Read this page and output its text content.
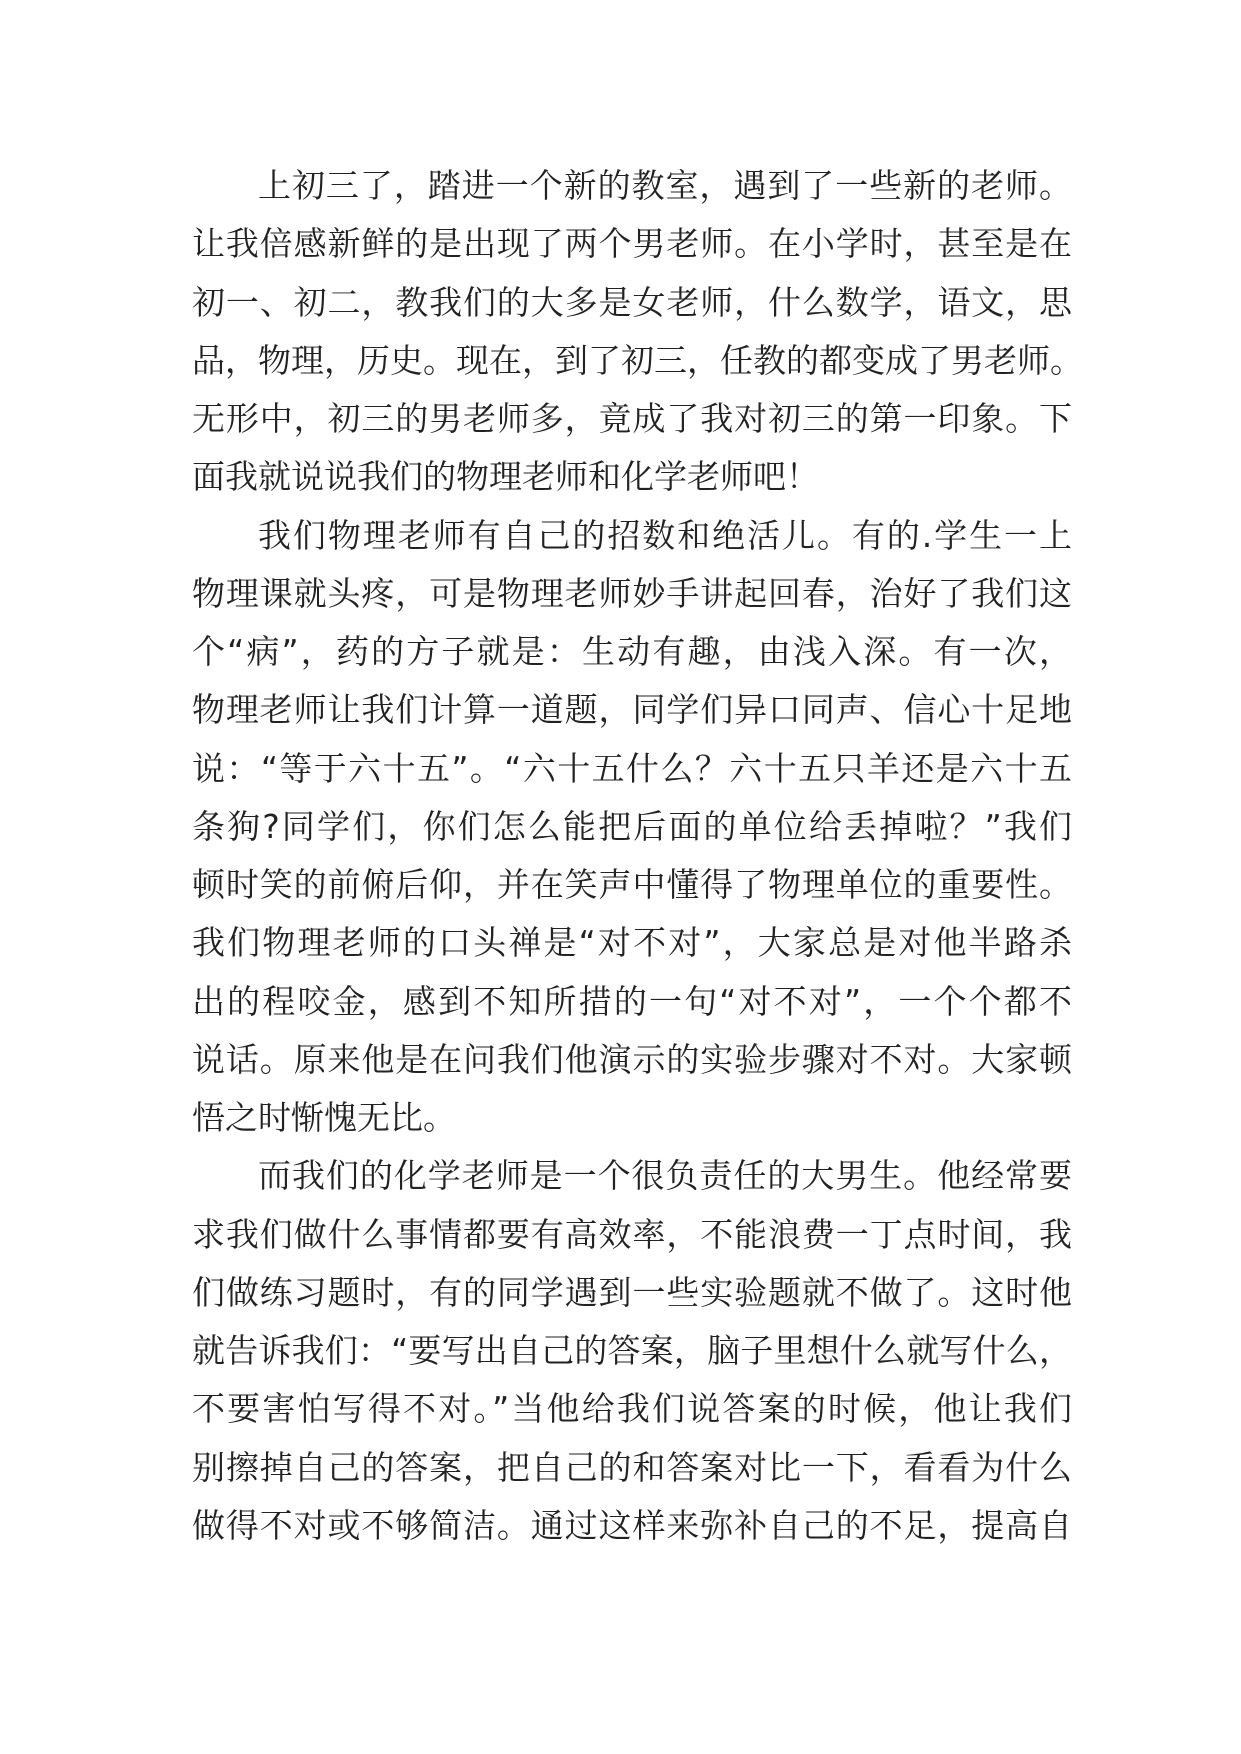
上初三了，踏进一个新的教室，遇到了一些新的老师。
让我倍感新鲜的是出现了两个男老师。在小学时，甚至是在
初一、初二，教我们的大多是女老师，什么数学，语文，思
品，物理，历史。现在，到了初三，任教的都变成了男老师。
无形中，初三的男老师多，竟成了我对初三的第一印象。下
面我就说说我们的物理老师和化学老师吧！
我们物理老师有自己的招数和绝活儿。有的.学生一上
物理课就头疼，可是物理老师妙手讲起回春，治好了我们这
个“病”，药的方子就是：生动有趣，由浅入深。有一次，
物理老师让我们计算一道题，同学们异口同声、信心十足地
说：“等于六十五”。“六十五什么？六十五只羊还是六十五
条狗?同学们，你们怎么能把后面的单位给丢掉啦？”我们
顿时笑的前俯后仰，并在笑声中懂得了物理单位的重要性。
我们物理老师的口头禅是“对不对”，大家总是对他半路杀
出的程咬金，感到不知所措的一句“对不对”，一个个都不
说话。原来他是在问我们他演示的实验步骤对不对。大家顿
悟之时惭愧无比。
而我们的化学老师是一个很负责任的大男生。他经常要
求我们做什么事情都要有高效率，不能浪费一丁点时间，我
们做练习题时，有的同学遇到一些实验题就不做了。这时他
就告诉我们：“要写出自己的答案，脑子里想什么就写什么，
不要害怕写得不对。”当他给我们说答案的时候，他让我们
别擦掉自己的答案，把自己的和答案对比一下，看看为什么
做得不对或不够简洁。通过这样来弥补自己的不足，提高自
